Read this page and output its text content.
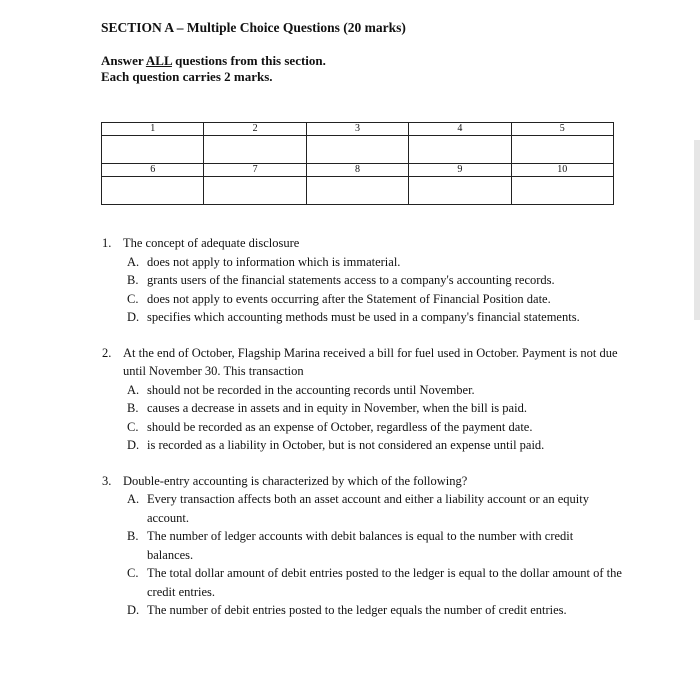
SECTION A – Multiple Choice Questions (20 marks)
Answer ALL questions from this section.
Each question carries 2 marks.
1	2	3	4	5

6	7	8	9	10

1. The concept of adequate disclosure
A. does not apply to information which is immaterial.
B. grants users of the financial statements access to a company's accounting records.
C. does not apply to events occurring after the Statement of Financial Position date.
D. specifies which accounting methods must be used in a company's financial statements.
2. At the end of October, Flagship Marina received a bill for fuel used in October. Payment is not due until November 30. This transaction
A. should not be recorded in the accounting records until November.
B. causes a decrease in assets and in equity in November, when the bill is paid.
C. should be recorded as an expense of October, regardless of the payment date.
D. is recorded as a liability in October, but is not considered an expense until paid.
3. Double-entry accounting is characterized by which of the following?
A. Every transaction affects both an asset account and either a liability account or an equity account.
B. The number of ledger accounts with debit balances is equal to the number with credit balances.
C. The total dollar amount of debit entries posted to the ledger is equal to the dollar amount of the credit entries.
D. The number of debit entries posted to the ledger equals the number of credit entries.
